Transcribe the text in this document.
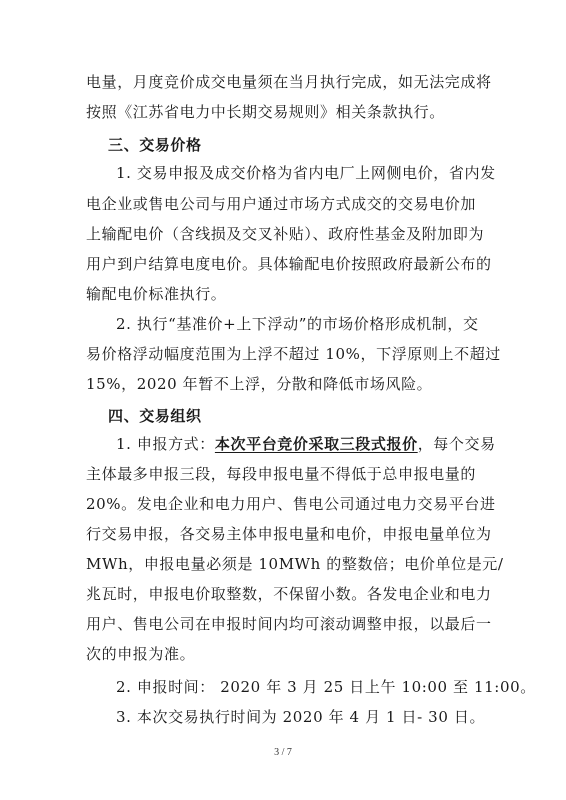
电量，月度竞价成交电量须在当月执行完成，如无法完成将
按照《江苏省电力中长期交易规则》相关条款执行。
三、交易价格
1. 交易申报及成交价格为省内电厂上网侧电价，省内发
电企业或售电公司与用户通过市场方式成交的交易电价加
上输配电价（含线损及交叉补贴）、政府性基金及附加即为
用户到户结算电度电价。具体输配电价按照政府最新公布的
输配电价标准执行。
2. 执行“基准价+上下浮动”的市场价格形成机制，交
易价格浮动幅度范围为上浮不超过 10%，下浮原则上不超过
15%，2020 年暂不上浮，分散和降低市场风险。
四、交易组织
1. 申报方式：本次平台竞价采取三段式报价，每个交易
主体最多申报三段，每段申报电量不得低于总申报电量的
20%。发电企业和电力用户、售电公司通过电力交易平台进
行交易申报，各交易主体申报电量和电价，申报电量单位为
MWh，申报电量必须是 10MWh 的整数倍；电价单位是元/
兆瓦时，申报电价取整数，不保留小数。各发电企业和电力
用户、售电公司在申报时间内均可滚动调整申报，以最后一
次的申报为准。
2. 申报时间： 2020 年 3 月 25 日上午 10:00 至 11:00。
3. 本次交易执行时间为 2020 年 4 月 1 日- 30 日。
3 / 7
